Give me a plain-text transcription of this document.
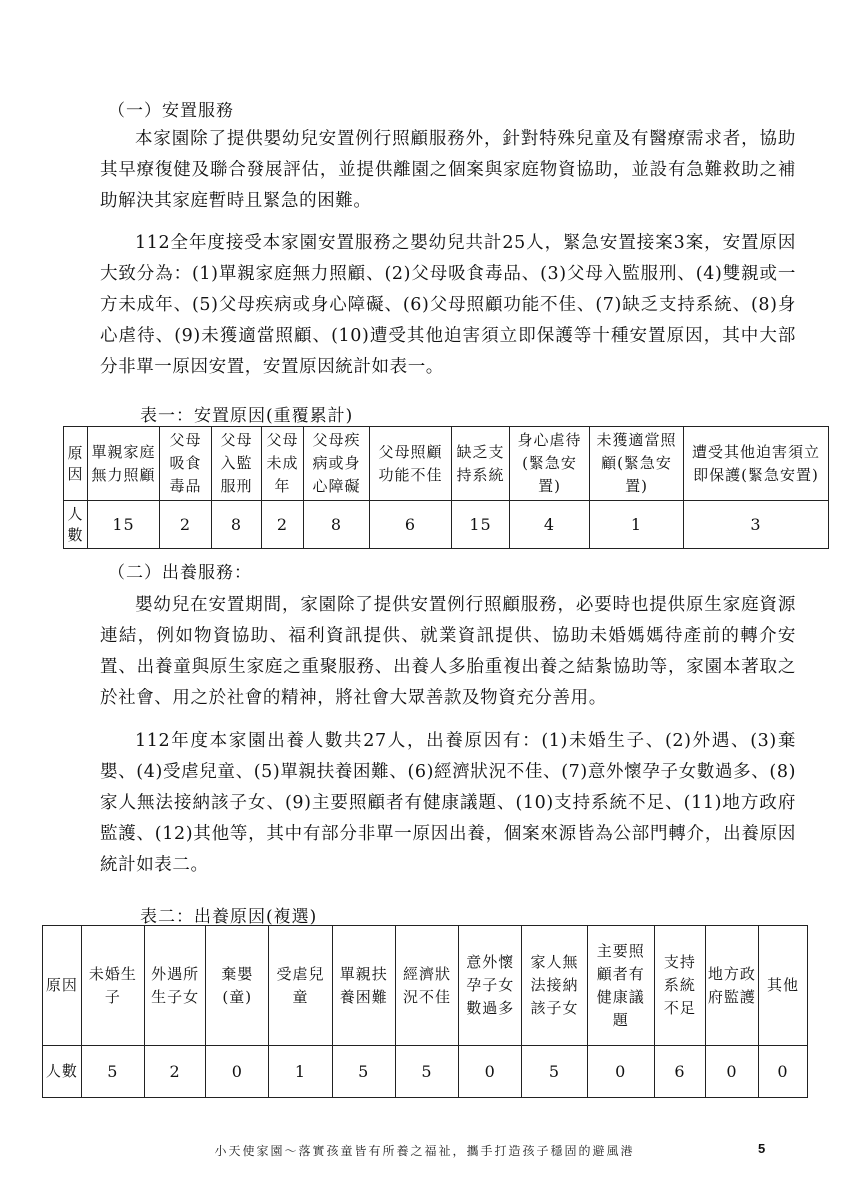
（一）安置服務
本家園除了提供嬰幼兒安置例行照顧服務外，針對特殊兒童及有醫療需求者，協助其早療復健及聯合發展評估，並提供離園之個案與家庭物資協助，並設有急難救助之補助解決其家庭暫時且緊急的困難。
112全年度接受本家園安置服務之嬰幼兒共計25人，緊急安置接案3案，安置原因大致分為：(1)單親家庭無力照顧、(2)父母吸食毒品、(3)父母入監服刑、(4)雙親或一方未成年、(5)父母疾病或身心障礙、(6)父母照顧功能不佳、(7)缺乏支持系統、(8)身心虐待、(9)未獲適當照顧、(10)遭受其他迫害須立即保護等十種安置原因，其中大部分非單一原因安置，安置原因統計如表一。
表一：安置原因(重覆累計)
原因	單親家庭無力照顧	父母吸食毒品	父母入監服刑	父母未成年	父母疾病或身心障礙	父母照顧功能不佳	缺乏支持系統	身心虐待(緊急安置)	未獲適當照顧(緊急安置)	遭受其他迫害須立即保護(緊急安置)
人數	15	2	8	2	8	6	15	4	1	3
（二）出養服務：
嬰幼兒在安置期間，家園除了提供安置例行照顧服務，必要時也提供原生家庭資源連結，例如物資協助、福利資訊提供、就業資訊提供、協助未婚媽媽待產前的轉介安置、出養童與原生家庭之重聚服務、出養人多胎重複出養之結紮協助等，家園本著取之於社會、用之於社會的精神，將社會大眾善款及物資充分善用。
112年度本家園出養人數共27人，出養原因有：(1)未婚生子、(2)外遇、(3)棄嬰、(4)受虐兒童、(5)單親扶養困難、(6)經濟狀況不佳、(7)意外懷孕子女數過多、(8)家人無法接納該子女、(9)主要照顧者有健康議題、(10)支持系統不足、(11)地方政府監護、(12)其他等，其中有部分非單一原因出養，個案來源皆為公部門轉介，出養原因統計如表二。
表二：出養原因(複選)
原因	未婚生子	外遇所生子女	棄嬰(童)	受虐兒童	單親扶養困難	經濟狀況不佳	意外懷孕子女數過多	家人無法接納該子女	主要照顧者有健康議題	支持系統不足	地方政府監護	其他
人數	5	2	0	1	5	5	0	5	0	6	0	0
小天使家園～落實孩童皆有所養之福祉，攜手打造孩子穩固的避風港	5
